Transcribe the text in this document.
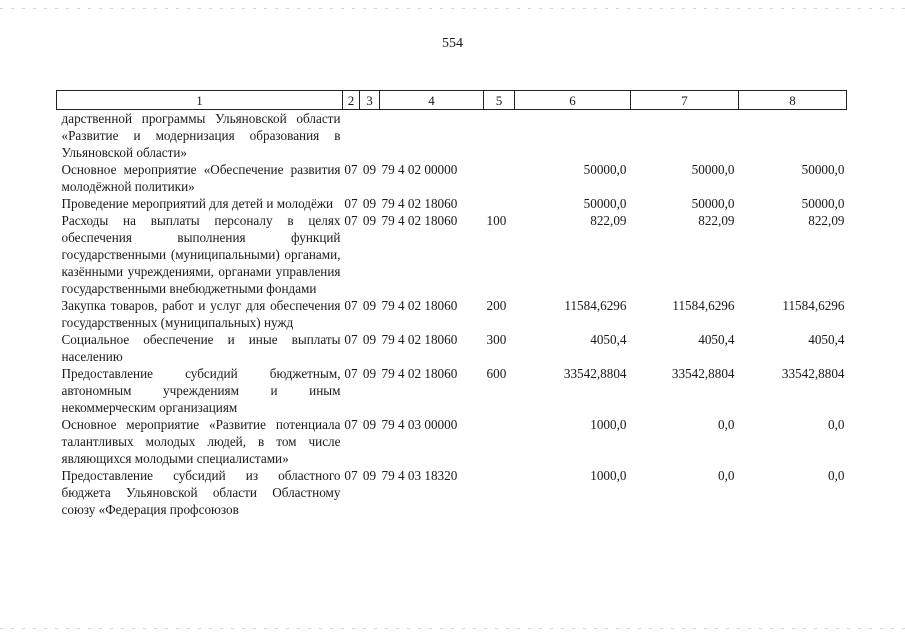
554
1	2	3	4	5	6	7	8
дарственной программы Ульяновской области «Развитие и модернизация образования в Ульяновской области»							
Основное мероприятие «Обеспечение развития молодёжной политики»	07	09	79 4 02 00000		50000,0	50000,0	50000,0
Проведение мероприятий для детей и молодёжи	07	09	79 4 02 18060		50000,0	50000,0	50000,0
Расходы на выплаты персоналу в целях обеспечения выполнения функций государственными (муниципальными) органами, казёнными учреждениями, органами управления государственными внебюджетными фондами	07	09	79 4 02 18060	100	822,09	822,09	822,09
Закупка товаров, работ и услуг для обеспечения государственных (муниципальных) нужд	07	09	79 4 02 18060	200	11584,6296	11584,6296	11584,6296
Социальное обеспечение и иные выплаты населению	07	09	79 4 02 18060	300	4050,4	4050,4	4050,4
Предоставление субсидий бюджетным, автономным учреждениям и иным некоммерческим организациям	07	09	79 4 02 18060	600	33542,8804	33542,8804	33542,8804
Основное мероприятие «Развитие потенциала талантливых молодых людей, в том числе являющихся молодыми специалистами»	07	09	79 4 03 00000		1000,0	0,0	0,0
Предоставление субсидий из областного бюджета Ульяновской области Областному союзу «Федерация профсоюзов	07	09	79 4 03 18320		1000,0	0,0	0,0
